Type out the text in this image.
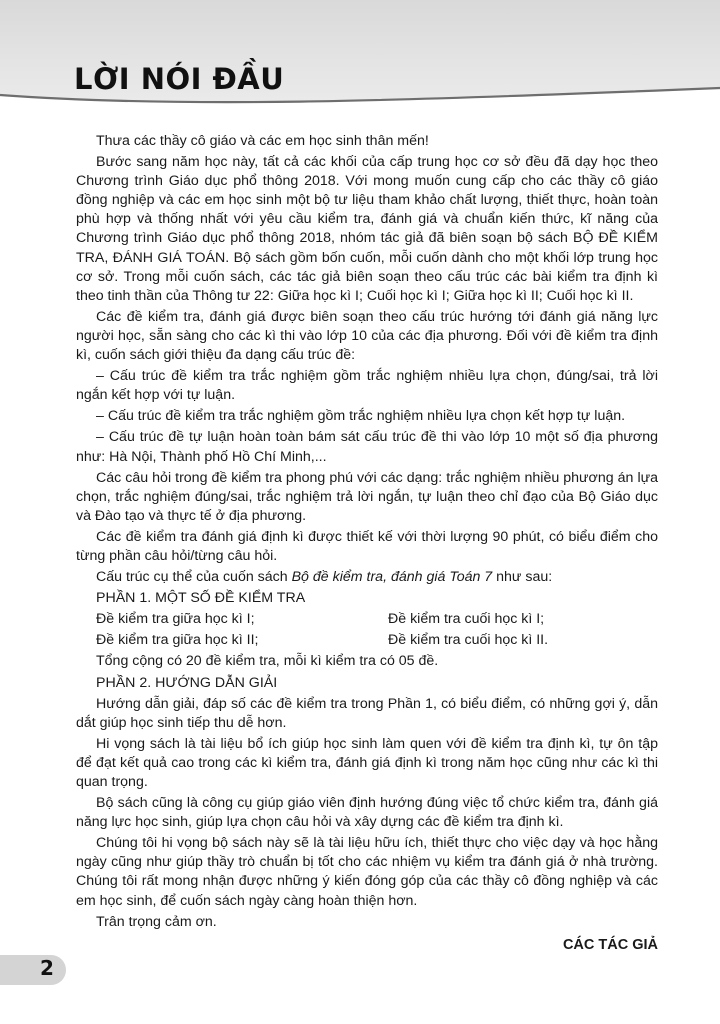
LỜI NÓI ĐẦU

Thưa các thầy cô giáo và các em học sinh thân mến!

Bước sang năm học này, tất cả các khối của cấp trung học cơ sở đều đã dạy học theo Chương trình Giáo dục phổ thông 2018. Với mong muốn cung cấp cho các thầy cô giáo đồng nghiệp và các em học sinh một bộ tư liệu tham khảo chất lượng, thiết thực, hoàn toàn phù hợp và thống nhất với yêu cầu kiểm tra, đánh giá và chuẩn kiến thức, kĩ năng của Chương trình Giáo dục phổ thông 2018, nhóm tác giả đã biên soạn bộ sách BỘ ĐỀ KIỂM TRA, ĐÁNH GIÁ TOÁN. Bộ sách gồm bốn cuốn, mỗi cuốn dành cho một khối lớp trung học cơ sở. Trong mỗi cuốn sách, các tác giả biên soạn theo cấu trúc các bài kiểm tra định kì theo tinh thần của Thông tư 22: Giữa học kì I; Cuối học kì I; Giữa học kì II; Cuối học kì II.

Các đề kiểm tra, đánh giá được biên soạn theo cấu trúc hướng tới đánh giá năng lực người học, sẵn sàng cho các kì thi vào lớp 10 của các địa phương. Đối với đề kiểm tra định kì, cuốn sách giới thiệu đa dạng cấu trúc đề:

– Cấu trúc đề kiểm tra trắc nghiệm gồm trắc nghiệm nhiều lựa chọn, đúng/sai, trả lời ngắn kết hợp với tự luận.

– Cấu trúc đề kiểm tra trắc nghiệm gồm trắc nghiệm nhiều lựa chọn kết hợp tự luận.

– Cấu trúc đề tự luận hoàn toàn bám sát cấu trúc đề thi vào lớp 10 một số địa phương như: Hà Nội, Thành phố Hồ Chí Minh,...

Các câu hỏi trong đề kiểm tra phong phú với các dạng: trắc nghiệm nhiều phương án lựa chọn, trắc nghiệm đúng/sai, trắc nghiệm trả lời ngắn, tự luận theo chỉ đạo của Bộ Giáo dục và Đào tạo và thực tế ở địa phương.

Các đề kiểm tra đánh giá định kì được thiết kế với thời lượng 90 phút, có biểu điểm cho từng phần câu hỏi/từng câu hỏi.

Cấu trúc cụ thể của cuốn sách Bộ đề kiểm tra, đánh giá Toán 7 như sau:

PHẦN 1. MỘT SỐ ĐỀ KIỂM TRA

Đề kiểm tra giữa học kì I;	Đề kiểm tra cuối học kì I;
Đề kiểm tra giữa học kì II;	Đề kiểm tra cuối học kì II.

Tổng cộng có 20 đề kiểm tra, mỗi kì kiểm tra có 05 đề.

PHẦN 2. HƯỚNG DẪN GIẢI

Hướng dẫn giải, đáp số các đề kiểm tra trong Phần 1, có biểu điểm, có những gợi ý, dẫn dắt giúp học sinh tiếp thu dễ hơn.

Hi vọng sách là tài liệu bổ ích giúp học sinh làm quen với đề kiểm tra định kì, tự ôn tập để đạt kết quả cao trong các kì kiểm tra, đánh giá định kì trong năm học cũng như các kì thi quan trọng.

Bộ sách cũng là công cụ giúp giáo viên định hướng đúng việc tổ chức kiểm tra, đánh giá năng lực học sinh, giúp lựa chọn câu hỏi và xây dựng các đề kiểm tra định kì.

Chúng tôi hi vọng bộ sách này sẽ là tài liệu hữu ích, thiết thực cho việc dạy và học hằng ngày cũng như giúp thầy trò chuẩn bị tốt cho các nhiệm vụ kiểm tra đánh giá ở nhà trường. Chúng tôi rất mong nhận được những ý kiến đóng góp của các thầy cô đồng nghiệp và các em học sinh, để cuốn sách ngày càng hoàn thiện hơn.

Trân trọng cảm ơn.

CÁC TÁC GIẢ

2
